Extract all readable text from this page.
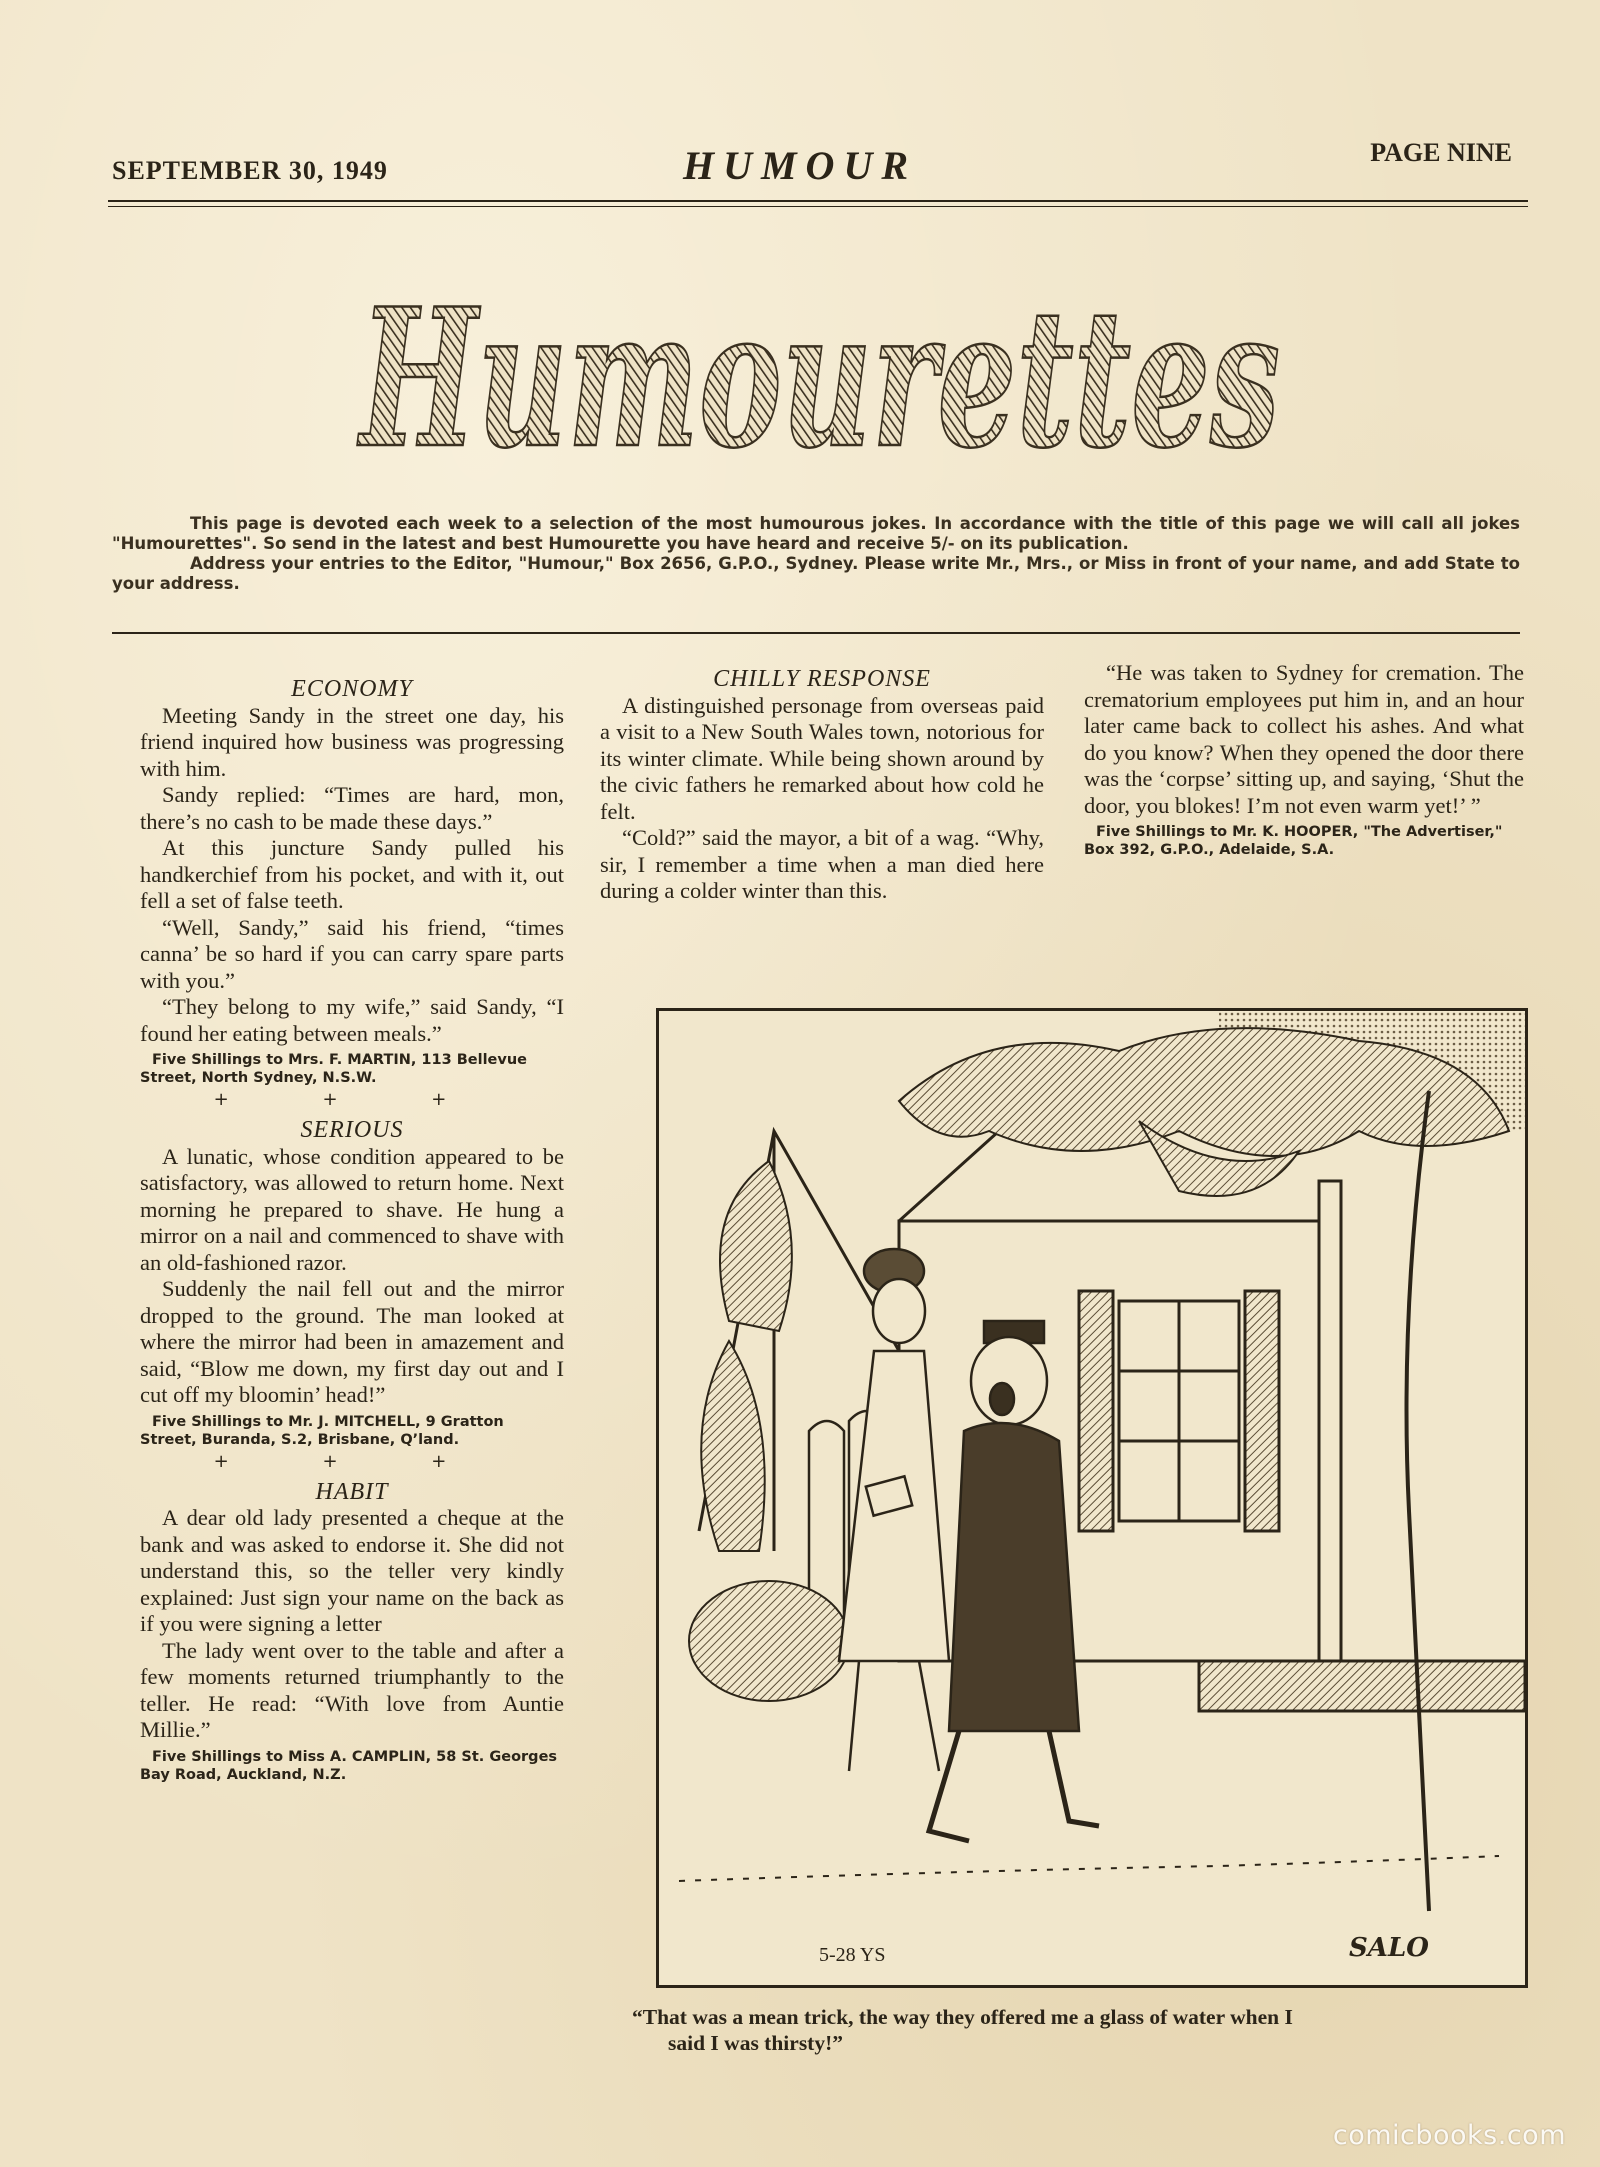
SEPTEMBER 30, 1949	HUMOUR	PAGE NINE
Humourettes

This page is devoted each week to a selection of the most humourous jokes. In accordance with the title of this page we will call all jokes "Humourettes". So send in the latest and best Humourette you have heard and receive 5/- on its publication.

Address your entries to the Editor, "Humour," Box 2656, G.P.O., Sydney. Please write Mr., Mrs., or Miss in front of your name, and add State to your address.

ECONOMY

Meeting Sandy in the street one day, his friend inquired how business was progressing with him.

Sandy replied: “Times are hard, mon, there’s no cash to be made these days.”

At this juncture Sandy pulled his handkerchief from his pocket, and with it, out fell a set of false teeth.

“Well, Sandy,” said his friend, “times canna’ be so hard if you can carry spare parts with you.”

“They belong to my wife,” said Sandy, “I found her eating between meals.”

Five Shillings to Mrs. F. MARTIN, 113 Bellevue Street, North Sydney, N.S.W.
+ + +
SERIOUS

A lunatic, whose condition appeared to be satisfactory, was allowed to return home. Next morning he prepared to shave. He hung a mirror on a nail and commenced to shave with an old-fashioned razor.

Suddenly the nail fell out and the mirror dropped to the ground. The man looked at where the mirror had been in amazement and said, “Blow me down, my first day out and I cut off my bloomin’ head!”

Five Shillings to Mr. J. MITCHELL, 9 Gratton Street, Buranda, S.2, Brisbane, Q’land.
+ + +
HABIT

A dear old lady presented a cheque at the bank and was asked to endorse it. She did not understand this, so the teller very kindly explained: Just sign your name on the back as if you were signing a letter

The lady went over to the table and after a few moments returned triumphantly to the teller. He read: “With love from Auntie Millie.”

Five Shillings to Miss A. CAMPLIN, 58 St. Georges Bay Road, Auckland, N.Z.
CHILLY RESPONSE

A distinguished personage from overseas paid a visit to a New South Wales town, notorious for its winter climate. While being shown around by the civic fathers he remarked about how cold he felt.

“Cold?” said the mayor, a bit of a wag. “Why, sir, I remember a time when a man died here during a colder winter than this.

“He was taken to Sydney for cremation. The crematorium employees put him in, and an hour later came back to collect his ashes. And what do you know? When they opened the door there was the ‘corpse’ sitting up, and saying, ‘Shut the door, you blokes! I’m not even warm yet!’ ”

Five Shillings to Mr. K. HOOPER, "The Advertiser," Box 392, G.P.O., Adelaide, S.A.
5-28 YS	SALO
“That was a mean trick, the way they offered me a glass of water when I
said I was thirsty!”
comicbooks.com
